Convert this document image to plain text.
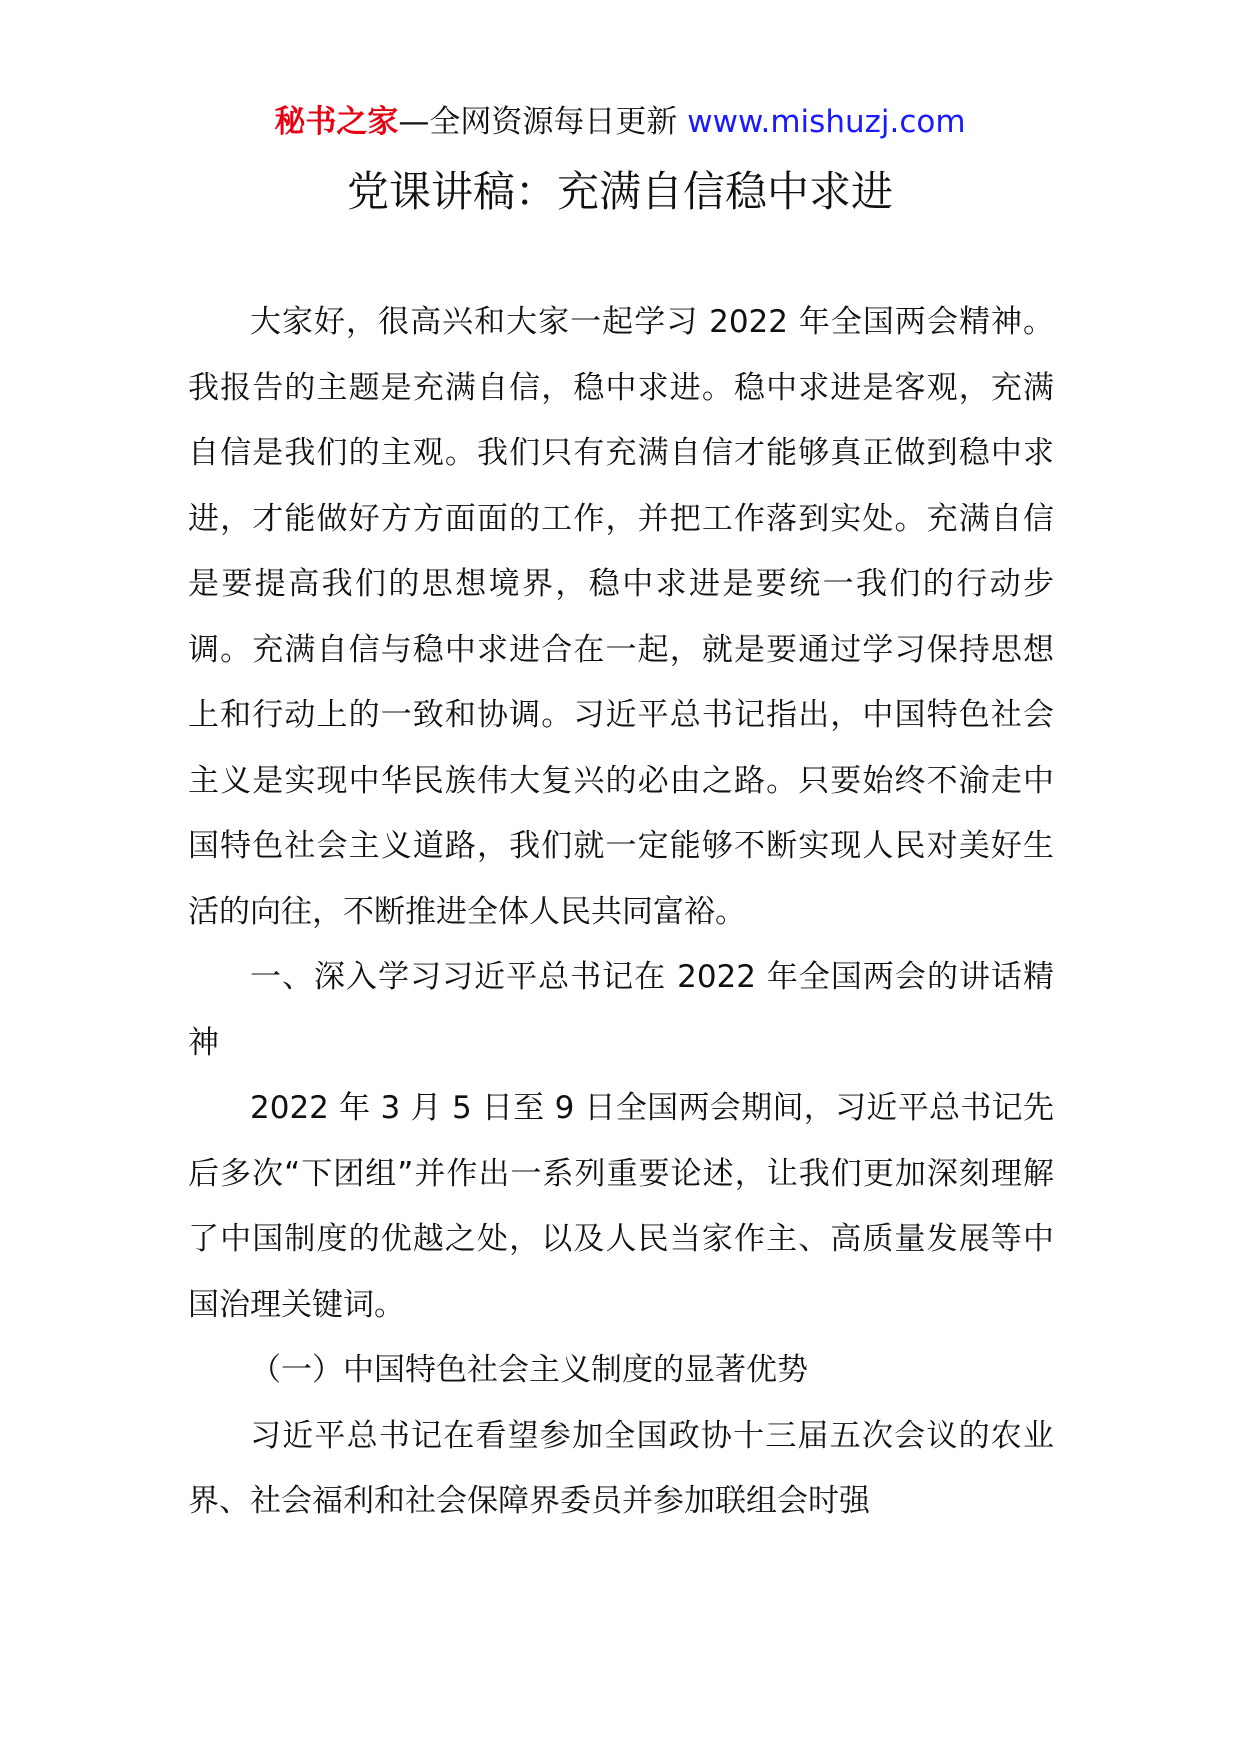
秘书之家—全网资源每日更新 www.mishuzj.com
党课讲稿：充满自信稳中求进

大家好，很高兴和大家一起学习 2022 年全国两会精神。我报告的主题是充满自信，稳中求进。稳中求进是客观，充满自信是我们的主观。我们只有充满自信才能够真正做到稳中求进，才能做好方方面面的工作，并把工作落到实处。充满自信是要提高我们的思想境界，稳中求进是要统一我们的行动步调。充满自信与稳中求进合在一起，就是要通过学习保持思想上和行动上的一致和协调。习近平总书记指出，中国特色社会主义是实现中华民族伟大复兴的必由之路。只要始终不渝走中国特色社会主义道路，我们就一定能够不断实现人民对美好生活的向往，不断推进全体人民共同富裕。

一、深入学习习近平总书记在 2022 年全国两会的讲话精神

2022 年 3 月 5 日至 9 日全国两会期间，习近平总书记先后多次“下团组”并作出一系列重要论述，让我们更加深刻理解了中国制度的优越之处，以及人民当家作主、高质量发展等中国治理关键词。

（一）中国特色社会主义制度的显著优势

习近平总书记在看望参加全国政协十三届五次会议的农业界、社会福利和社会保障界委员并参加联组会时强
